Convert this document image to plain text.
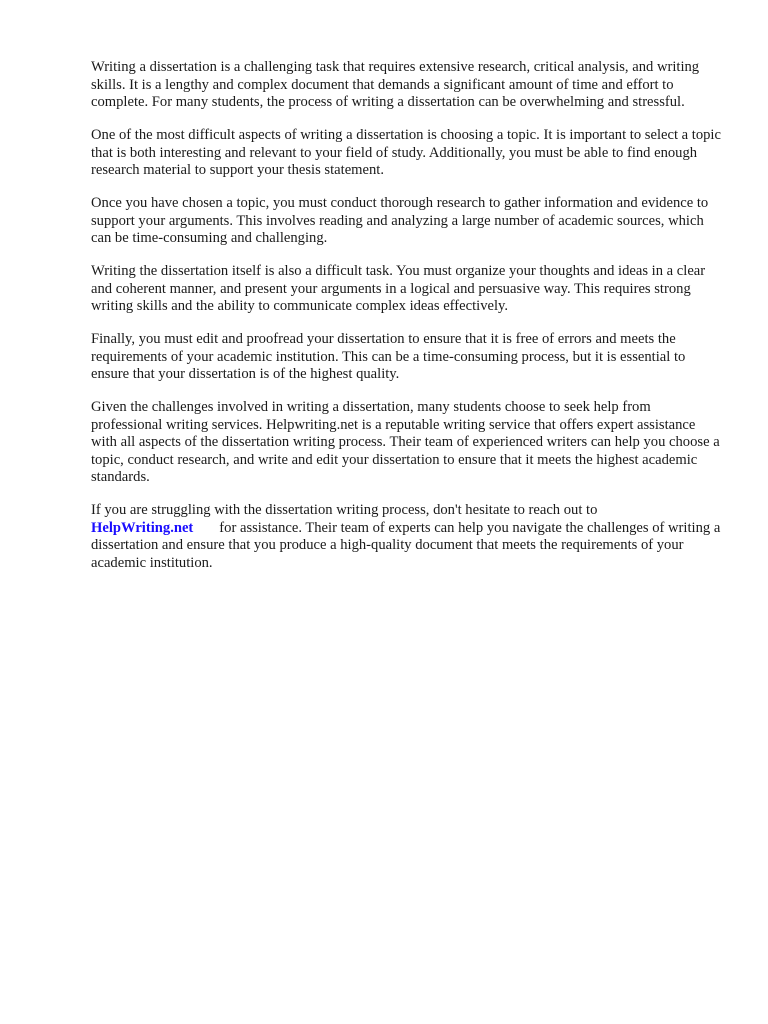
Writing a dissertation is a challenging task that requires extensive research, critical analysis, and writing skills. It is a lengthy and complex document that demands a significant amount of time and effort to complete. For many students, the process of writing a dissertation can be overwhelming and stressful.

One of the most difficult aspects of writing a dissertation is choosing a topic. It is important to select a topic that is both interesting and relevant to your field of study. Additionally, you must be able to find enough research material to support your thesis statement.

Once you have chosen a topic, you must conduct thorough research to gather information and evidence to support your arguments. This involves reading and analyzing a large number of academic sources, which can be time-consuming and challenging.

Writing the dissertation itself is also a difficult task. You must organize your thoughts and ideas in a clear and coherent manner, and present your arguments in a logical and persuasive way. This requires strong writing skills and the ability to communicate complex ideas effectively.

Finally, you must edit and proofread your dissertation to ensure that it is free of errors and meets the requirements of your academic institution. This can be a time-consuming process, but it is essential to ensure that your dissertation is of the highest quality.

Given the challenges involved in writing a dissertation, many students choose to seek help from professional writing services. Helpwriting.net is a reputable writing service that offers expert assistance with all aspects of the dissertation writing process. Their team of experienced writers can help you choose a topic, conduct research, and write and edit your dissertation to ensure that it meets the highest academic standards.

If you are struggling with the dissertation writing process, don't hesitate to reach out to
HelpWriting.net for assistance. Their team of experts can help you navigate the challenges of writing a dissertation and ensure that you produce a high-quality document that meets the requirements of your academic institution.
